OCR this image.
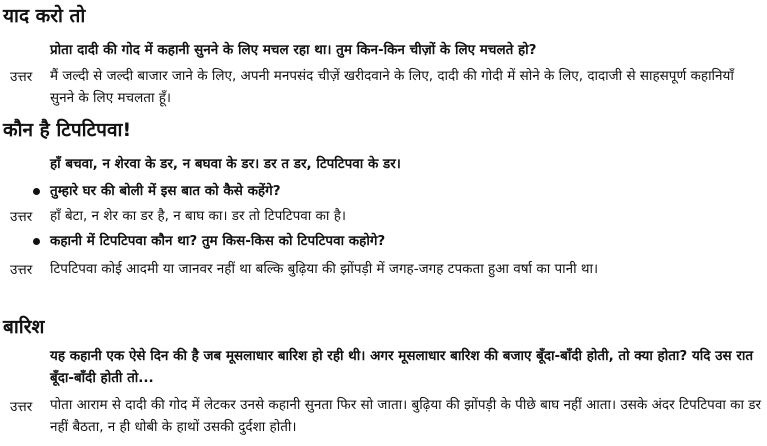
याद करो तो
प्रोता दादी की गोद में कहानी सुनने के लिए मचल रहा था। तुम किन-किन चीज़ों के लिए मचलते हो?
उत्तर मैं जल्दी से जल्दी बाजार जाने के लिए, अपनी मनपसंद चीज़ें खरीदवाने के लिए, दादी की गोदी में सोने के लिए, दादाजी से साहसपूर्ण कहानियाँ सुनने के लिए मचलता हूँ।
कौन है टिपटिपवा!
हाँ बचवा, न शेरवा के डर, न बघवा के डर। डर त डर, टिपटिपवा के डर।
तुम्हारे घर की बोली में इस बात को कैसे कहेंगे?
उत्तर हाँ बेटा, न शेर का डर है, न बाघ का। डर तो टिपटिपवा का है।
कहानी में टिपटिपवा कौन था? तुम किस-किस को टिपटिपवा कहोगे?
उत्तर टिपटिपवा कोई आदमी या जानवर नहीं था बल्कि बुढ़िया की झोंपड़ी में जगह-जगह टपकता हुआ वर्षा का पानी था।
बारिश
यह कहानी एक ऐसे दिन की है जब मूसलाधार बारिश हो रही थी। अगर मूसलाधार बारिश की बजाए बूँदा-बाँदी होती, तो क्या होता? यदि उस रात बूँदा-बाँदी होती तो...
उत्तर पोता आराम से दादी की गोद में लेटकर उनसे कहानी सुनता फिर सो जाता। बुढ़िया की झोंपड़ी के पीछे बाघ नहीं आता। उसके अंदर टिपटिपवा का डर नहीं बैठता, न ही धोबी के हाथों उसकी दुर्दशा होती।
